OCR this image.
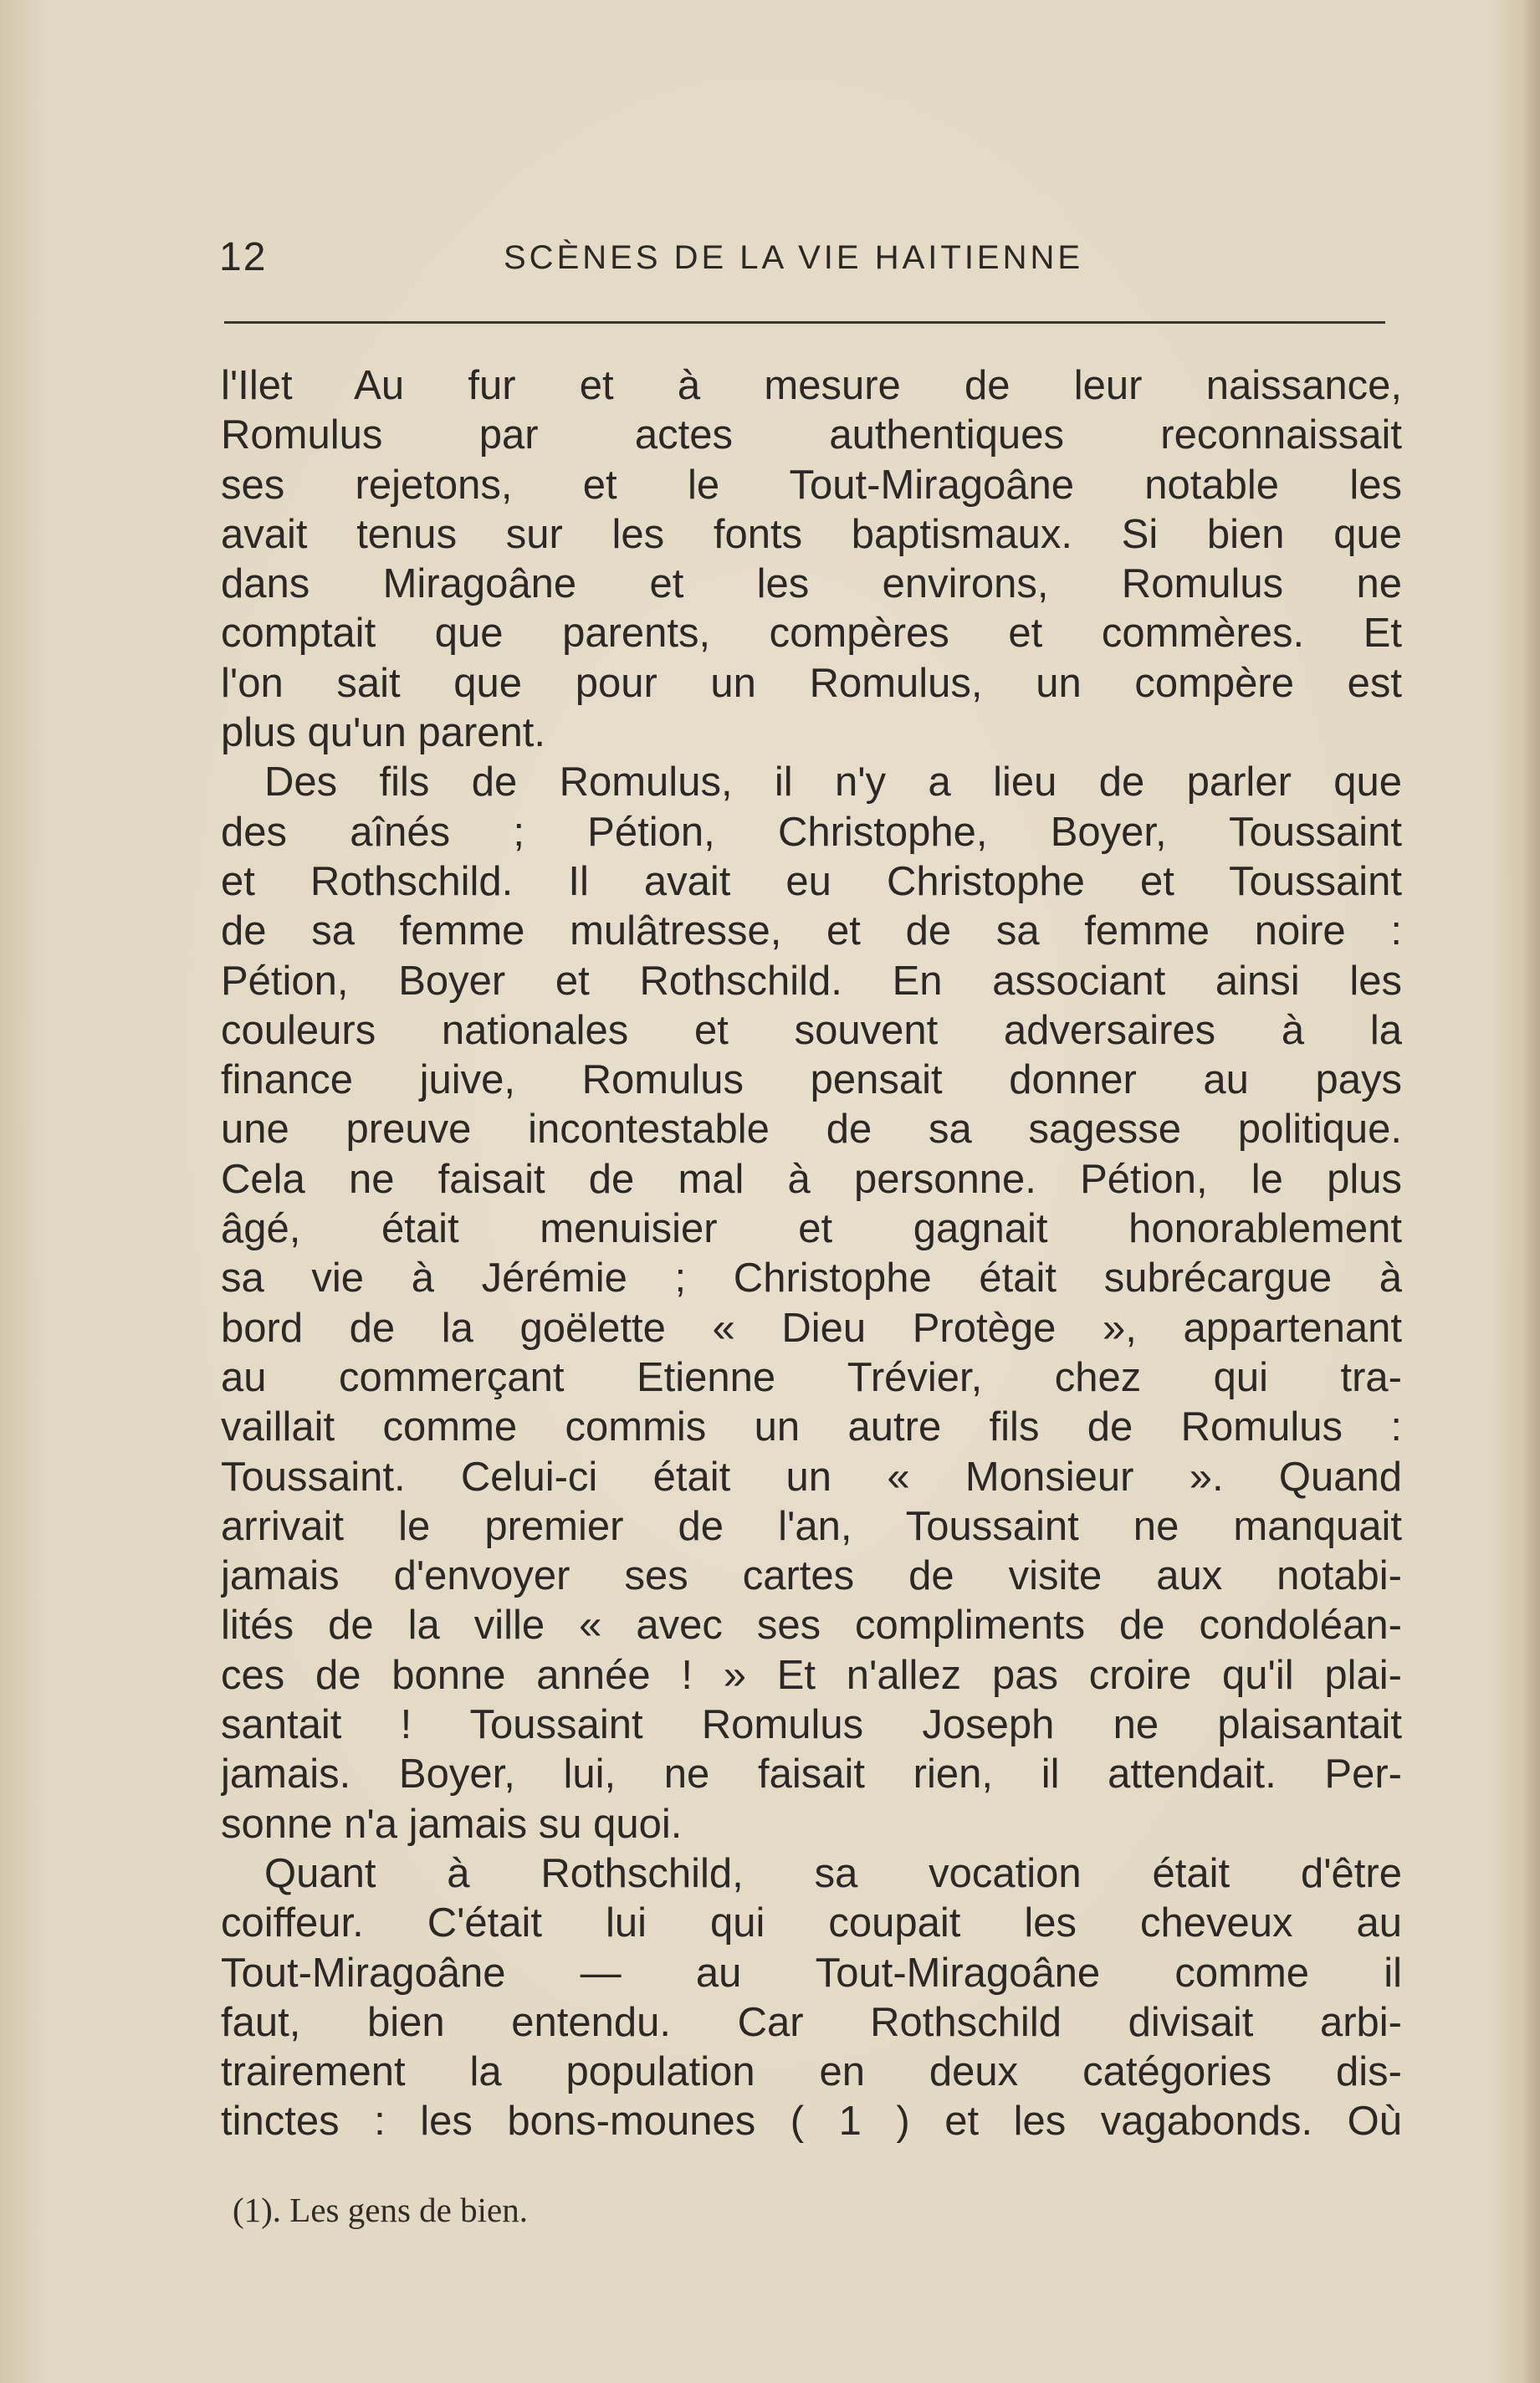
12	SCÈNES DE LA VIE HAITIENNE
l'Ilet Au fur et à mesure de leur naissance,
Romulus par actes authentiques reconnaissait
ses rejetons, et le Tout-Miragoâne notable les
avait tenus sur les fonts baptismaux. Si bien que
dans Miragoâne et les environs, Romulus ne
comptait que parents, compères et commères. Et
l'on sait que pour un Romulus, un compère est
plus qu'un parent.
Des fils de Romulus, il n'y a lieu de parler que
des aînés ; Pétion, Christophe, Boyer, Toussaint
et Rothschild. Il avait eu Christophe et Toussaint
de sa femme mulâtresse, et de sa femme noire :
Pétion, Boyer et Rothschild. En associant ainsi les
couleurs nationales et souvent adversaires à la
finance juive, Romulus pensait donner au pays
une preuve incontestable de sa sagesse politique.
Cela ne faisait de mal à personne. Pétion, le plus
âgé, était menuisier et gagnait honorablement
sa vie à Jérémie ; Christophe était subrécargue à
bord de la goëlette « Dieu Protège », appartenant
au commerçant Etienne Trévier, chez qui tra-
vaillait comme commis un autre fils de Romulus :
Toussaint. Celui-ci était un « Monsieur ». Quand
arrivait le premier de l'an, Toussaint ne manquait
jamais d'envoyer ses cartes de visite aux notabi-
lités de la ville « avec ses compliments de condoléan-
ces de bonne année ! » Et n'allez pas croire qu'il plai-
santait ! Toussaint Romulus Joseph ne plaisantait
jamais. Boyer, lui, ne faisait rien, il attendait. Per-
sonne n'a jamais su quoi.
Quant à Rothschild, sa vocation était d'être
coiffeur. C'était lui qui coupait les cheveux au
Tout-Miragoâne — au Tout-Miragoâne comme il
faut, bien entendu. Car Rothschild divisait arbi-
trairement la population en deux catégories dis-
tinctes : les bons-mounes ( 1 ) et les vagabonds. Où
(1). Les gens de bien.
